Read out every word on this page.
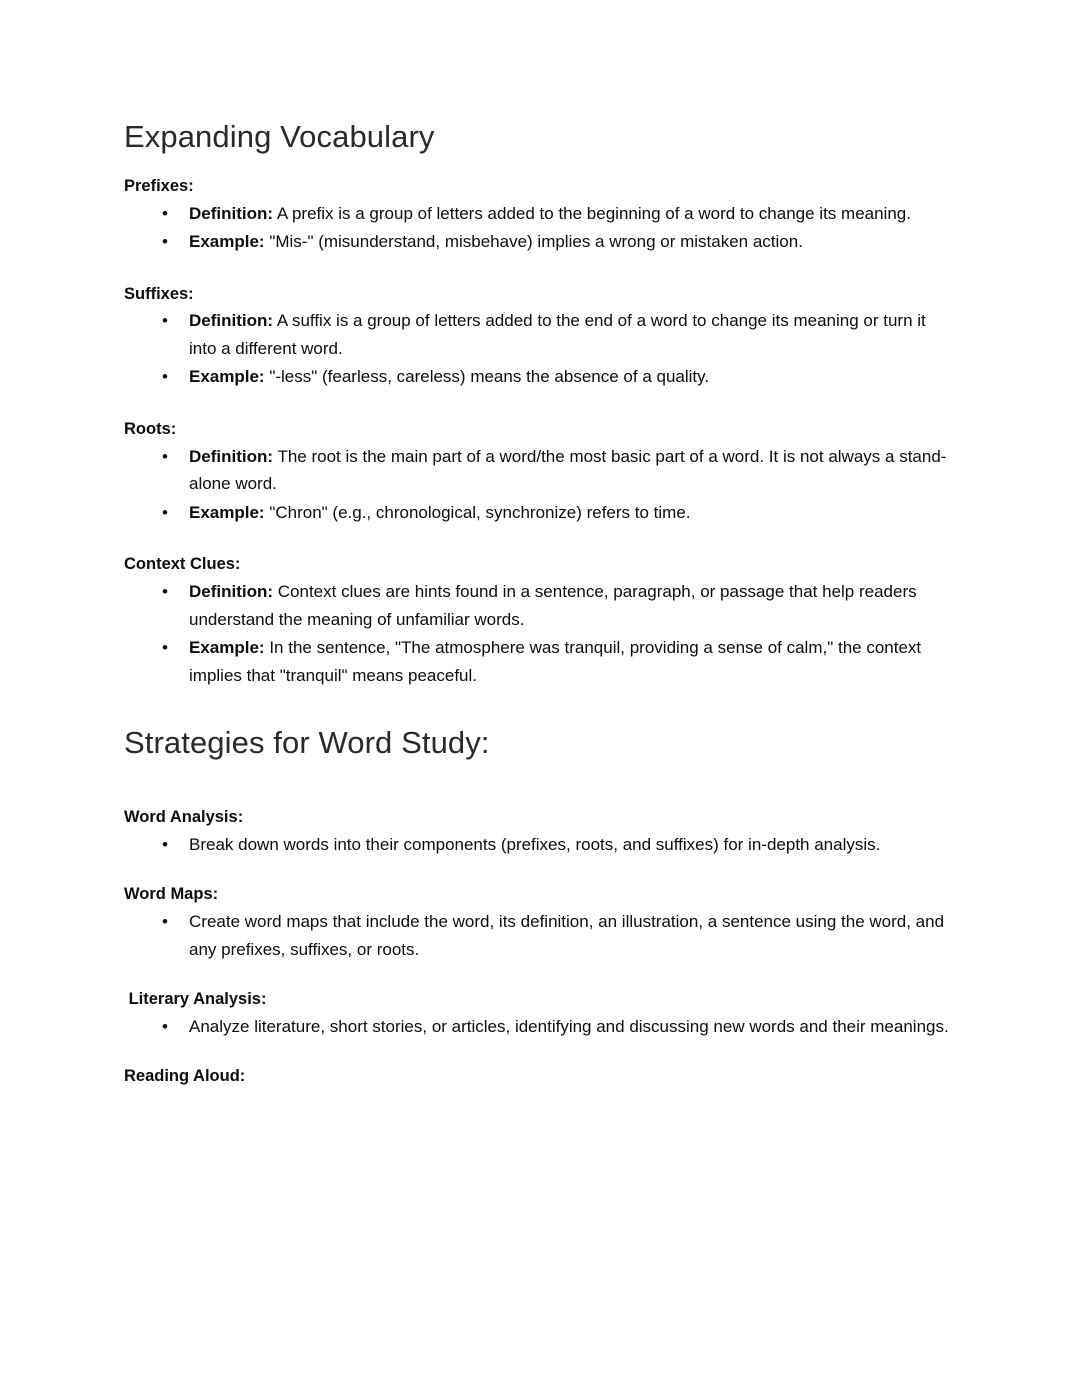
Expanding Vocabulary

Prefixes:

• Definition: A prefix is a group of letters added to the beginning of a word to change its meaning.
• Example: "Mis-" (misunderstand, misbehave) implies a wrong or mistaken action.

Suffixes:

• Definition: A suffix is a group of letters added to the end of a word to change its meaning or turn it into a different word.
• Example: "-less" (fearless, careless) means the absence of a quality.

Roots:

• Definition: The root is the main part of a word/the most basic part of a word. It is not always a stand-alone word.
• Example: "Chron" (e.g., chronological, synchronize) refers to time.

Context Clues:

• Definition: Context clues are hints found in a sentence, paragraph, or passage that help readers understand the meaning of unfamiliar words.
• Example: In the sentence, "The atmosphere was tranquil, providing a sense of calm," the context implies that "tranquil" means peaceful.
Strategies for Word Study:

Word Analysis:

• Break down words into their components (prefixes, roots, and suffixes) for in-depth analysis.

Word Maps:

• Create word maps that include the word, its definition, an illustration, a sentence using the word, and any prefixes, suffixes, or roots.

Literary Analysis:

• Analyze literature, short stories, or articles, identifying and discussing new words and their meanings.

Reading Aloud:
